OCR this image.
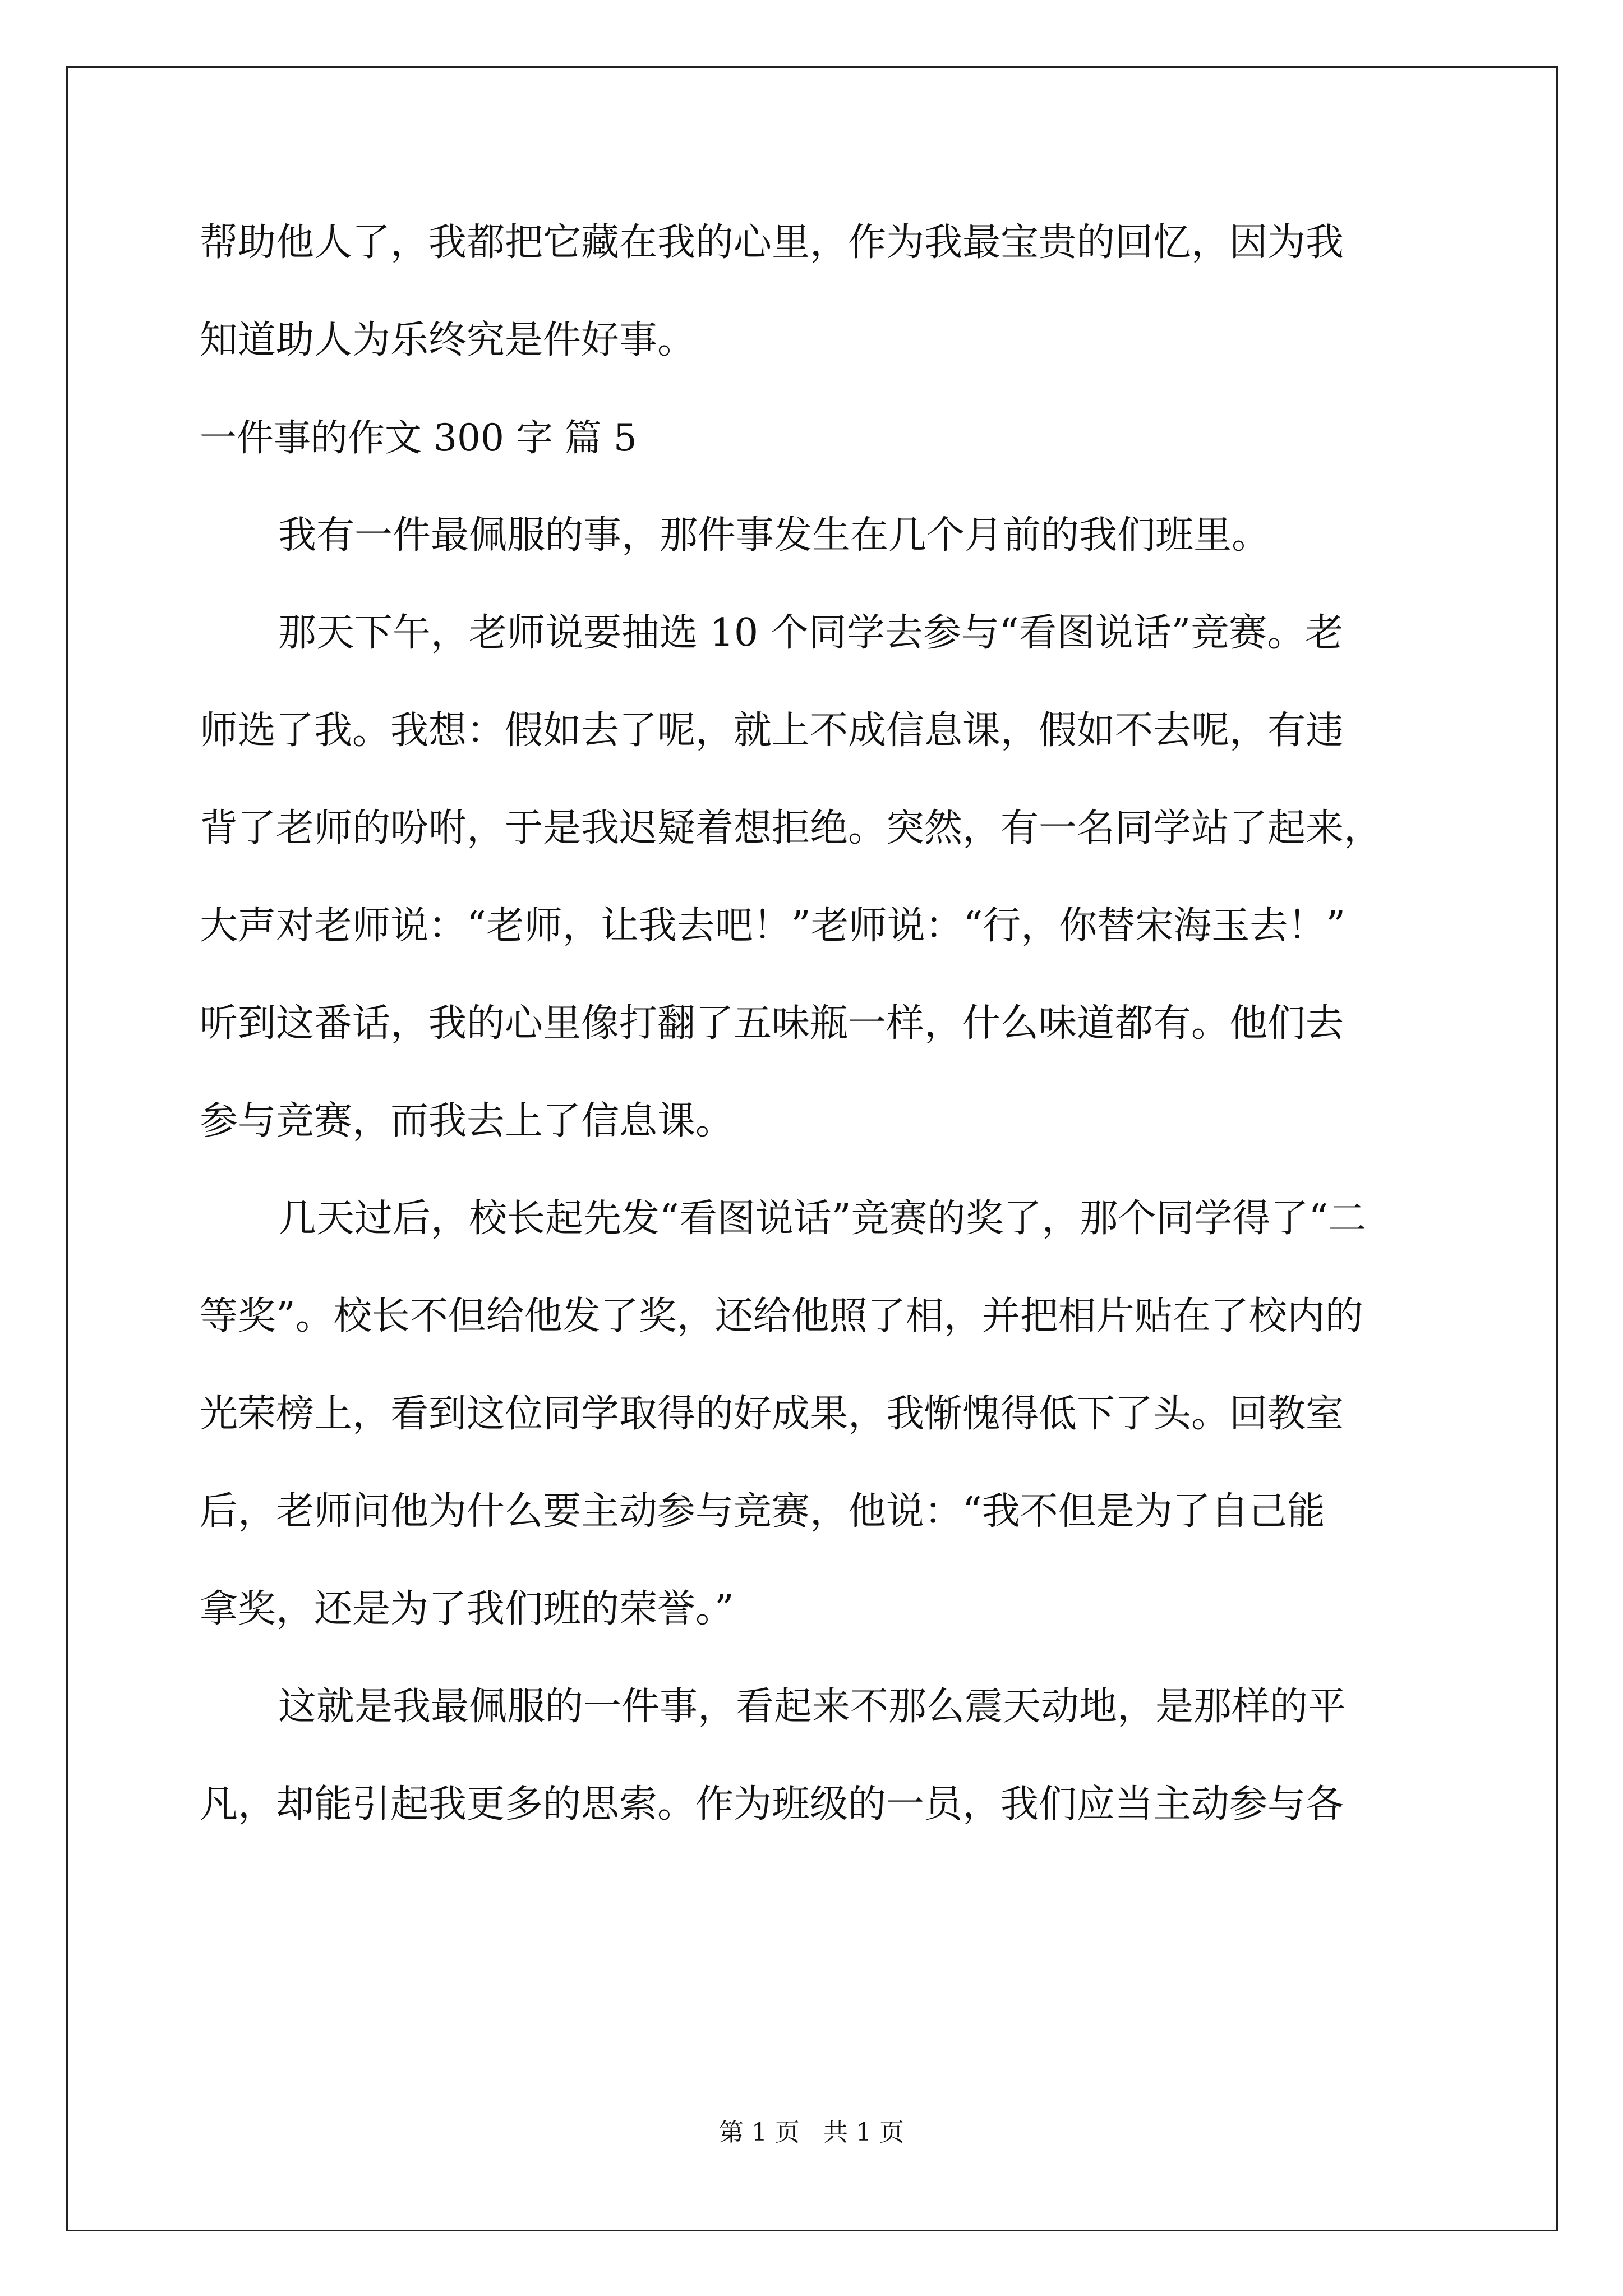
帮助他人了，我都把它藏在我的心里，作为我最宝贵的回忆，因为我
知道助人为乐终究是件好事。
一件事的作文 300 字 篇 5
我有一件最佩服的事，那件事发生在几个月前的我们班里。
那天下午，老师说要抽选 10 个同学去参与“看图说话”竞赛。老
师选了我。我想：假如去了呢，就上不成信息课，假如不去呢，有违
背了老师的吩咐，于是我迟疑着想拒绝。突然，有一名同学站了起来，
大声对老师说：“老师，让我去吧！”老师说：“行，你替宋海玉去！”
听到这番话，我的心里像打翻了五味瓶一样，什么味道都有。他们去
参与竞赛，而我去上了信息课。
几天过后，校长起先发“看图说话”竞赛的奖了，那个同学得了“二
等奖”。校长不但给他发了奖，还给他照了相，并把相片贴在了校内的
光荣榜上，看到这位同学取得的好成果，我惭愧得低下了头。回教室
后，老师问他为什么要主动参与竞赛，他说：“我不但是为了自己能
拿奖，还是为了我们班的荣誉。”
这就是我最佩服的一件事，看起来不那么震天动地，是那样的平
凡，却能引起我更多的思索。作为班级的一员，我们应当主动参与各
第 1 页   共 1 页
